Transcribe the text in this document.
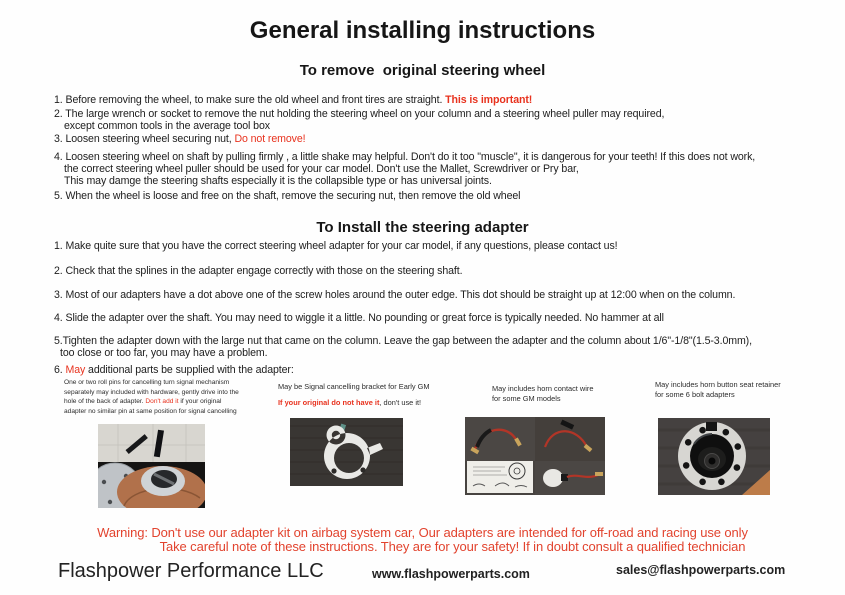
General installing instructions
To remove  original steering wheel
1. Before removing the wheel, to make sure the old wheel and front tires are straight. This is important!
2. The large wrench or socket to remove the nut holding the steering wheel on your column and a steering wheel puller may required,
except common tools in the average tool box
3. Loosen steering wheel securing nut, Do not remove!
4. Loosen steering wheel on shaft by pulling firmly , a little shake may helpful. Don't do it too "muscle", it is dangerous for your teeth! If this does not work,
the correct steering wheel puller should be used for your car model. Don't use the Mallet, Screwdriver or Pry bar,
This may damge the steering shafts especially it is the collapsible type or has universal joints.
5. When the wheel is loose and free on the shaft, remove the securing nut, then remove the old wheel
To Install the steering adapter
1. Make quite sure that you have the correct steering wheel adapter for your car model, if any questions, please contact us!
2. Check that the splines in the adapter engage correctly with those on the steering shaft.
3. Most of our adapters have a dot above one of the screw holes around the outer edge. This dot should be straight up at 12:00 when on the column.
4. Slide the adapter over the shaft. You may need to wiggle it a little. No pounding or great force is typically needed. No hammer at all
5.Tighten the adapter down with the large nut that came on the column. Leave the gap between the adapter and the column about 1/6"-1/8"(1.5-3.0mm),
too close or too far, you may have a problem.
6. May additional parts be supplied with the adapter:
One or two roll pins for cancelling turn signal mechanism
separately may included with hardware, gently drive into the
hole of the back of adapter. Don't add it if your original
adapter no similar pin at same position for signal cancelling
May be Signal cancelling bracket for Early GM
If your original do not have it, don't use it!
May includes horn contact wire
for some GM models
May includes horn button seat retainer
for some 6 bolt adapters
Warning: Don't use our adapter kit on airbag system car, Our adapters are intended for off-road and racing use only
Take careful note of these instructions. They are for your safety! If in doubt consult a qualified technician
Flashpower Performance LLC	www.flashpowerparts.com	sales@flashpowerparts.com
